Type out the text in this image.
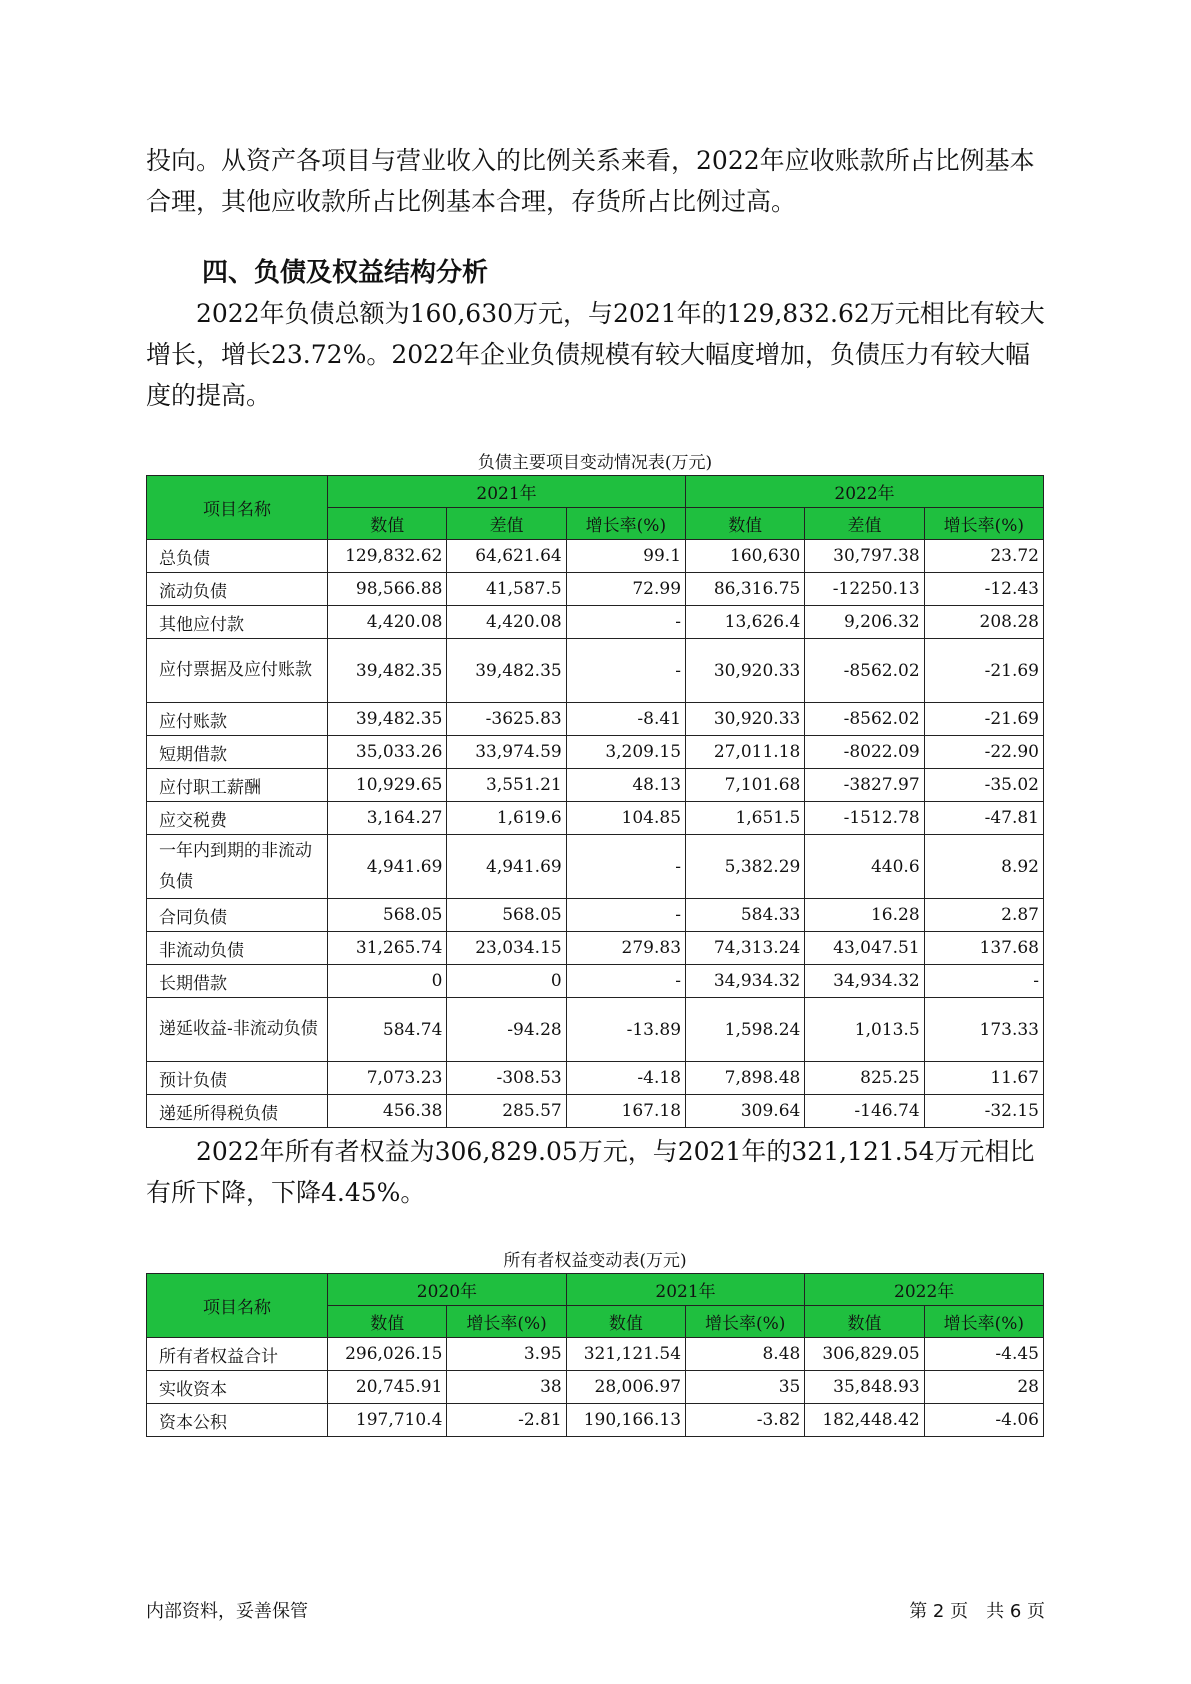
投向。从资产各项目与营业收入的比例关系来看，2022年应收账款所占比例基本合理，其他应收款所占比例基本合理，存货所占比例过高。

四、负债及权益结构分析

2022年负债总额为160,630万元，与2021年的129,832.62万元相比有较大增长，增长23.72%。2022年企业负债规模有较大幅度增加，负债压力有较大幅度的提高。

负债主要项目变动情况表(万元)
项目名称	2021年			2022年		
	数值	差值	增长率(%)	数值	差值	增长率(%)
总负债	129,832.62	64,621.64	99.1	160,630	30,797.38	23.72
流动负债	98,566.88	41,587.5	72.99	86,316.75	-12250.13	-12.43
其他应付款	4,420.08	4,420.08	-	13,626.4	9,206.32	208.28
应付票据及应付账款	39,482.35	39,482.35	-	30,920.33	-8562.02	-21.69
应付账款	39,482.35	-3625.83	-8.41	30,920.33	-8562.02	-21.69
短期借款	35,033.26	33,974.59	3,209.15	27,011.18	-8022.09	-22.90
应付职工薪酬	10,929.65	3,551.21	48.13	7,101.68	-3827.97	-35.02
应交税费	3,164.27	1,619.6	104.85	1,651.5	-1512.78	-47.81
一年内到期的非流动负债	4,941.69	4,941.69	-	5,382.29	440.6	8.92
合同负债	568.05	568.05	-	584.33	16.28	2.87
非流动负债	31,265.74	23,034.15	279.83	74,313.24	43,047.51	137.68
长期借款	0	0	-	34,934.32	34,934.32	-
递延收益-非流动负债	584.74	-94.28	-13.89	1,598.24	1,013.5	173.33
预计负债	7,073.23	-308.53	-4.18	7,898.48	825.25	11.67
递延所得税负债	456.38	285.57	167.18	309.64	-146.74	-32.15

2022年所有者权益为306,829.05万元，与2021年的321,121.54万元相比有所下降，下降4.45%。

所有者权益变动表(万元)
项目名称	2020年		2021年		2022年	
	数值	增长率(%)	数值	增长率(%)	数值	增长率(%)
所有者权益合计	296,026.15	3.95	321,121.54	8.48	306,829.05	-4.45
实收资本	20,745.91	38	28,006.97	35	35,848.93	28
资本公积	197,710.4	-2.81	190,166.13	-3.82	182,448.42	-4.06
内部资料，妥善保管	第 2 页　共 6 页
